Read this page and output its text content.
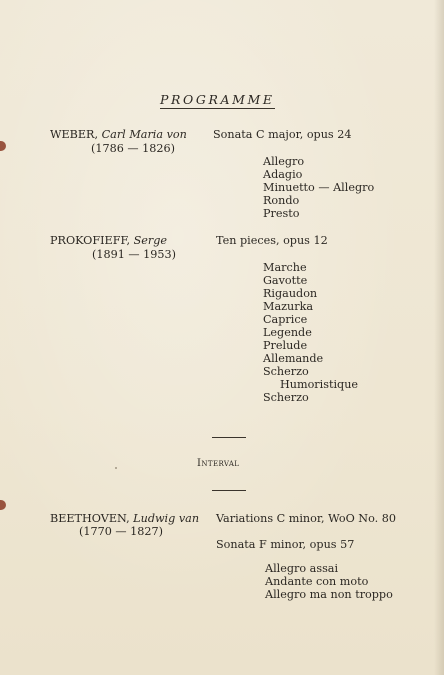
PROGRAMME
WEBER, Carl Maria von
(1786 — 1826)
Sonata C major, opus 24
Allegro
Adagio
Minuetto — Allegro
Rondo
Presto
PROKOFIEFF, Serge
(1891 — 1953)
Ten pieces, opus 12
Marche
Gavotte
Rigaudon
Mazurka
Caprice
Legende
Prelude
Allemande
Scherzo
Humoristique
Scherzo
Interval
BEETHOVEN, Ludwig van
(1770 — 1827)
Variations C minor, WoO No. 80
Sonata F minor, opus 57
Allegro assai
Andante con moto
Allegro ma non troppo
